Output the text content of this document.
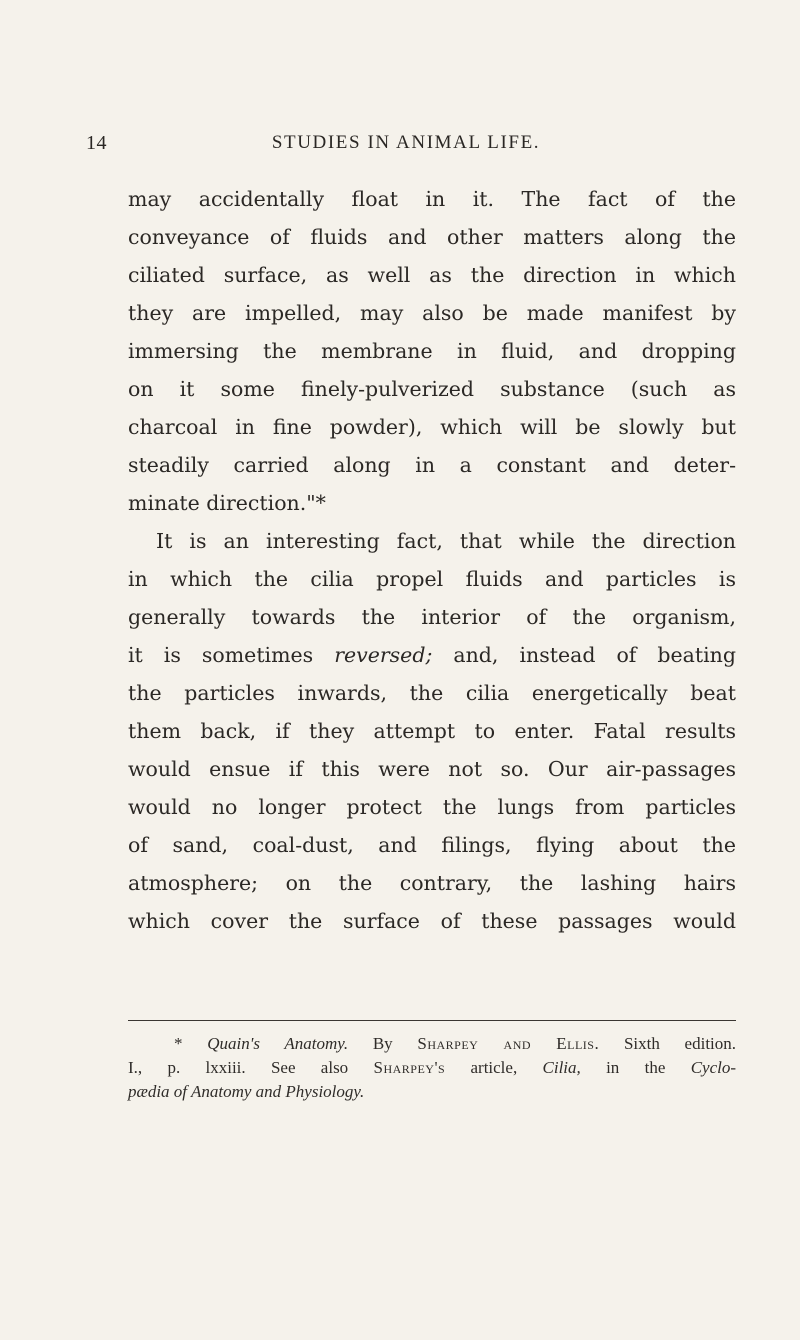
14	STUDIES IN ANIMAL LIFE.
may accidentally float in it. The fact of the
conveyance of fluids and other matters along the
ciliated surface, as well as the direction in which
they are impelled, may also be made manifest by
immersing the membrane in fluid, and dropping
on it some finely-pulverized substance (such as
charcoal in fine powder), which will be slowly but
steadily carried along in a constant and deter-
minate direction."*
It is an interesting fact, that while the direction
in which the cilia propel fluids and particles is
generally towards the interior of the organism,
it is sometimes reversed; and, instead of beating
the particles inwards, the cilia energetically beat
them back, if they attempt to enter. Fatal results
would ensue if this were not so. Our air-passages
would no longer protect the lungs from particles
of sand, coal-dust, and filings, flying about the
atmosphere; on the contrary, the lashing hairs
which cover the surface of these passages would
* Quain's Anatomy. By Sharpey and Ellis. Sixth edition.
I., p. lxxiii. See also Sharpey's article, Cilia, in the Cyclo-
pædia of Anatomy and Physiology.
